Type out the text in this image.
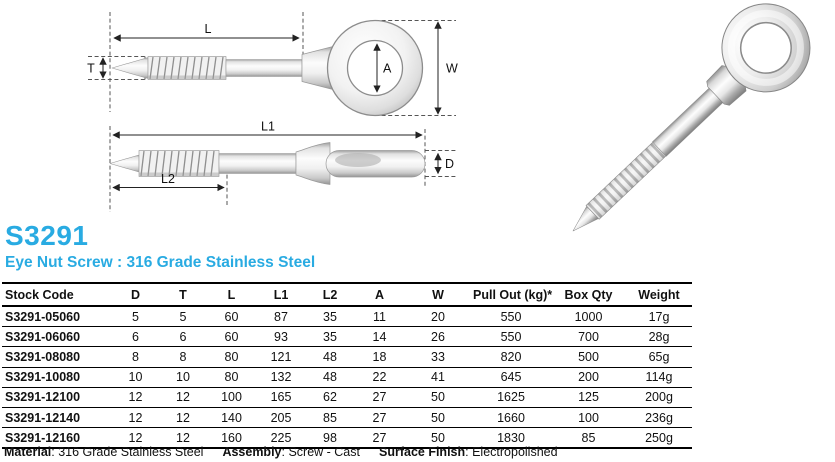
L
T	A	W
L1
L2
D
S3291
Eye Nut Screw : 316 Grade Stainless Steel
Stock Code	D	T	L	L1	L2	A	W	Pull Out (kg)*	Box Qty	Weight
S3291-05060	5	5	60	87	35	11	20	550	1000	17g
S3291-06060	6	6	60	93	35	14	26	550	700	28g
S3291-08080	8	8	80	121	48	18	33	820	500	65g
S3291-10080	10	10	80	132	48	22	41	645	200	114g
S3291-12100	12	12	100	165	62	27	50	1625	125	200g
S3291-12140	12	12	140	205	85	27	50	1660	100	236g
S3291-12160	12	12	160	225	98	27	50	1830	85	250g
Material: 316 Grade Stainless Steel Assembly: Screw - Cast Surface Finish: Electropolished
